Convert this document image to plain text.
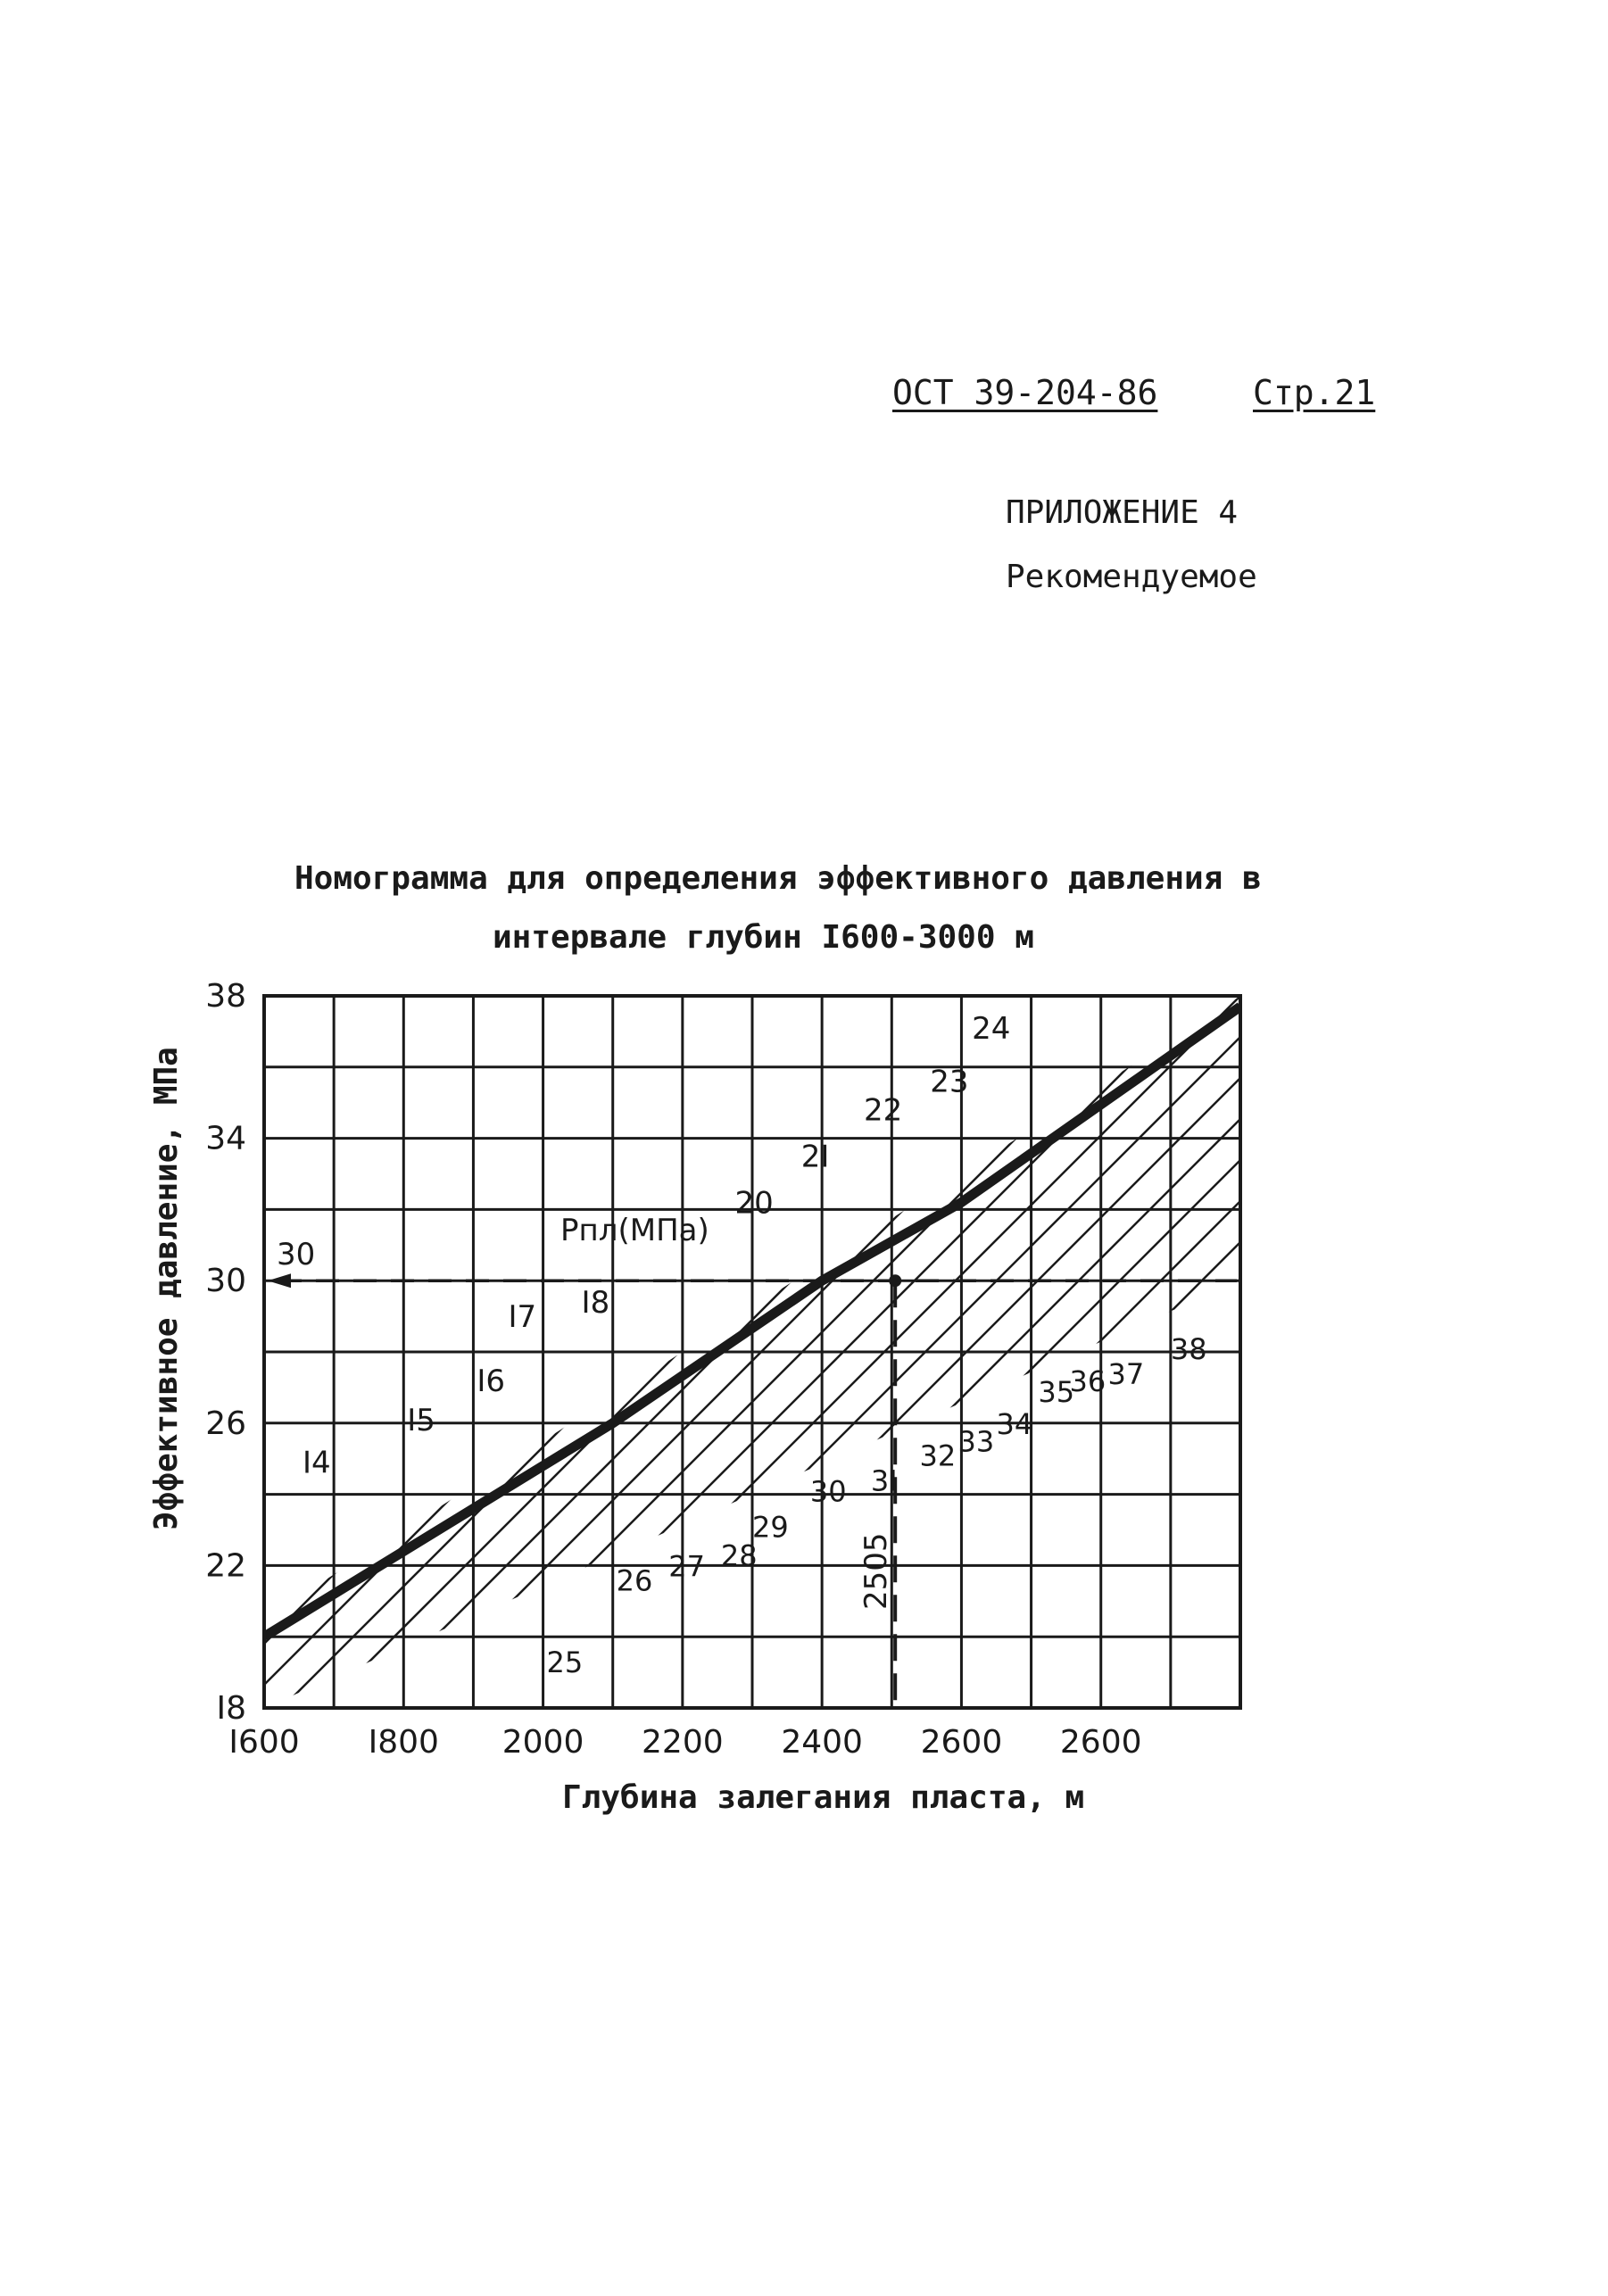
ОСТ 39-204-86	Стр.21
ПРИЛОЖЕНИЕ 4
Рекомендуемое
Номограмма для определения эффективного давления в
интервале глубин I600-3000 м
30
2505
Pпл(МПа)
I4
I5
I6
I7 I8
20
2I
22
23
24
25
26 27 28
29
30 3I
32 33
34
35
36 37
38
I600 I800 2000 2200 2400 2600 2600
I8
22
26
30
34
38
Глубина залегания пласта, м
Эффективное давление, МПа
